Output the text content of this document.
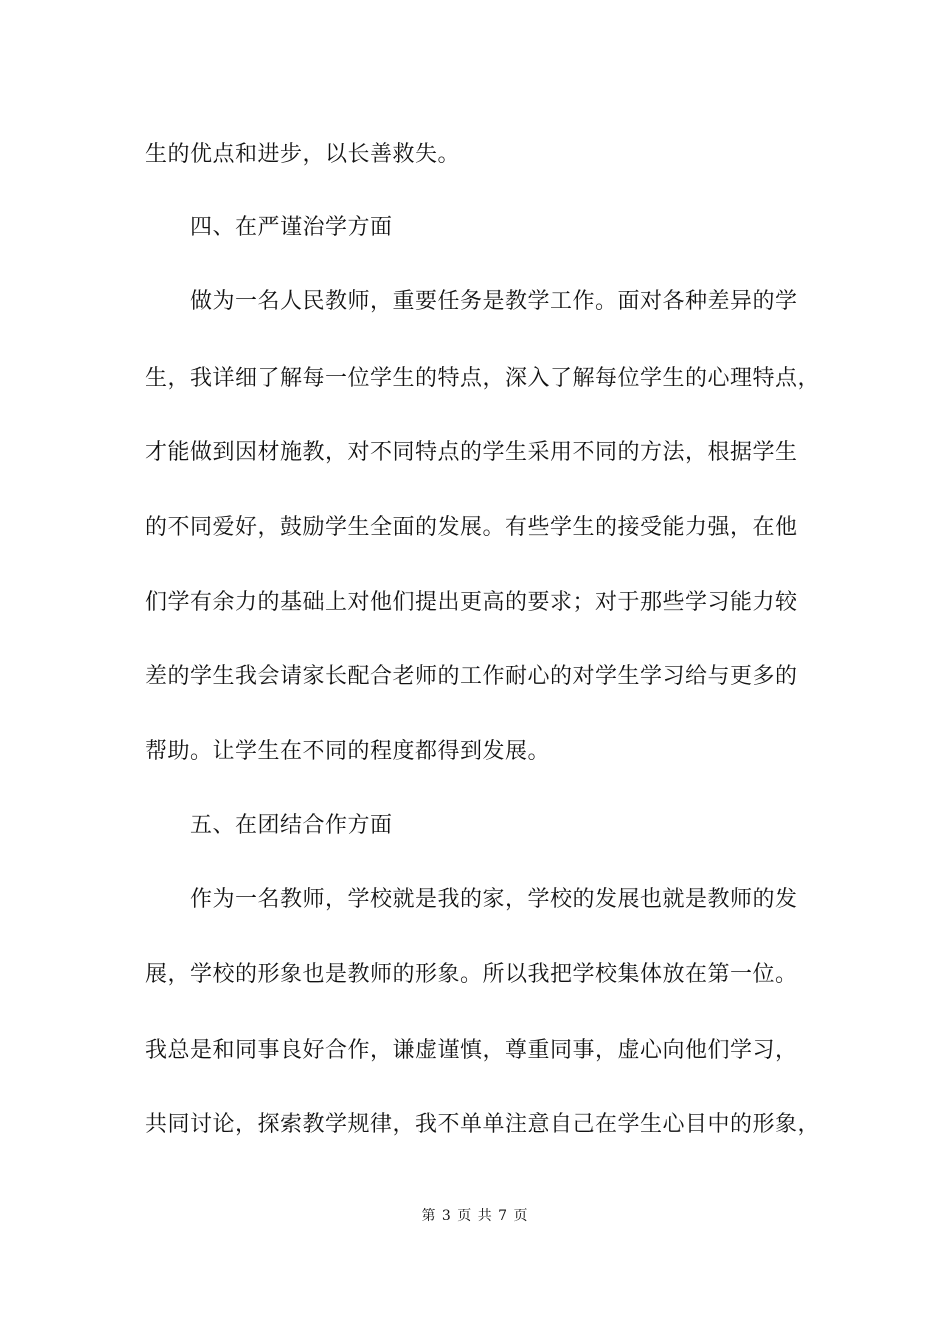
生的优点和进步，以长善救失。
四、在严谨治学方面
做为一名人民教师，重要任务是教学工作。面对各种差异的学
生，我详细了解每一位学生的特点，深入了解每位学生的心理特点，
才能做到因材施教，对不同特点的学生采用不同的方法，根据学生
的不同爱好，鼓励学生全面的发展。有些学生的接受能力强，在他
们学有余力的基础上对他们提出更高的要求；对于那些学习能力较
差的学生我会请家长配合老师的工作耐心的对学生学习给与更多的
帮助。让学生在不同的程度都得到发展。
五、在团结合作方面
作为一名教师，学校就是我的家，学校的发展也就是教师的发
展，学校的形象也是教师的形象。所以我把学校集体放在第一位。
我总是和同事良好合作，谦虚谨慎，尊重同事，虚心向他们学习，
共同讨论，探索教学规律，我不单单注意自己在学生心目中的形象，
第 3 页 共 7 页
